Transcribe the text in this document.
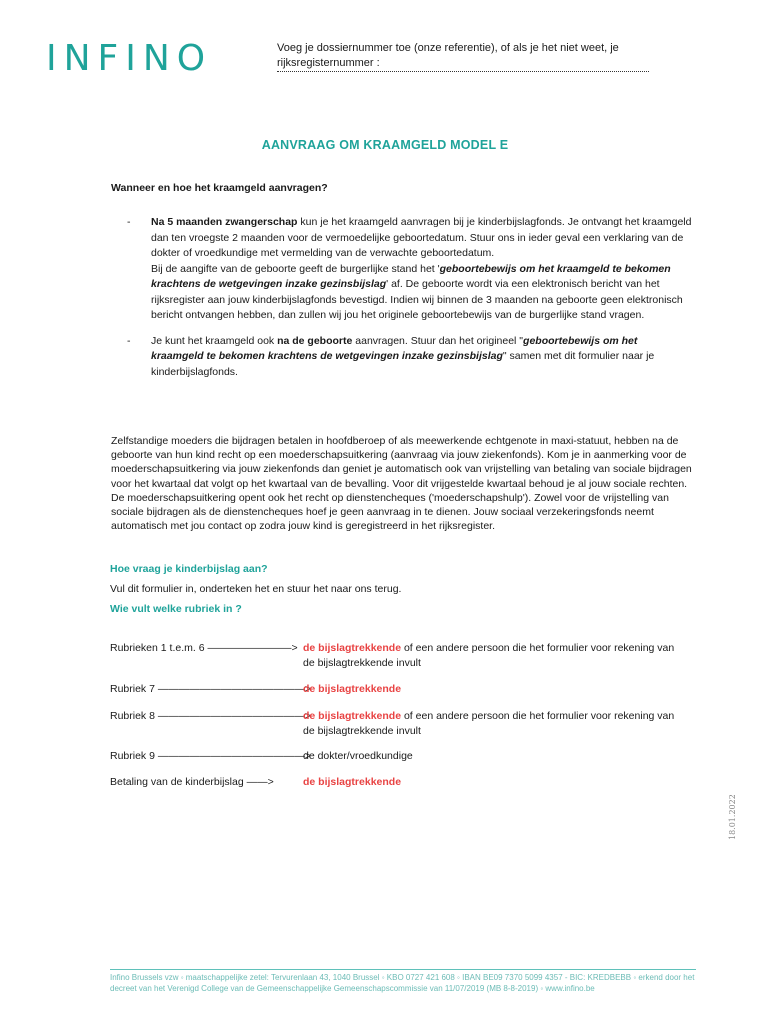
INFINO	Voeg je dossiernummer toe (onze referentie), of als je het niet weet, je rijksregisternummer :
AANVRAAG OM KRAAMGELD MODEL E
Wanneer en hoe het kraamgeld aanvragen?
- Na 5 maanden zwangerschap kun je het kraamgeld aanvragen bij je kinderbijslagfonds. Je ontvangt het kraamgeld dan ten vroegste 2 maanden voor de vermoedelijke geboortedatum. Stuur ons in ieder geval een verklaring van de dokter of vroedkundige met vermelding van de verwachte geboortedatum.
Bij de aangifte van de geboorte geeft de burgerlijke stand het 'geboortebewijs om het kraamgeld te bekomen krachtens de wetgevingen inzake gezinsbijslag' af. De geboorte wordt via een elektronisch bericht van het rijksregister aan jouw kinderbijslagfonds bevestigd. Indien wij binnen de 3 maanden na geboorte geen elektronisch bericht ontvangen hebben, dan zullen wij jou het originele geboortebewijs van de burgerlijke stand vragen.
- Je kunt het kraamgeld ook na de geboorte aanvragen. Stuur dan het origineel "geboortebewijs om het kraamgeld te bekomen krachtens de wetgevingen inzake gezinsbijslag" samen met dit formulier naar je kinderbijslagfonds.
Zelfstandige moeders die bijdragen betalen in hoofdberoep of als meewerkende echtgenote in maxi-statuut, hebben na de geboorte van hun kind recht op een moederschapsuitkering (aanvraag via jouw ziekenfonds). Kom je in aanmerking voor de moederschapsuitkering via jouw ziekenfonds dan geniet je automatisch ook van vrijstelling van betaling van sociale bijdragen voor het kwartaal dat volgt op het kwartaal van de bevalling. Voor dit vrijgestelde kwartaal behoud je al jouw sociale rechten. De moederschapsuitkering opent ook het recht op dienstencheques ('moederschapshulp'). Zowel voor de vrijstelling van sociale bijdragen als de dienstencheques hoef je geen aanvraag in te dienen. Jouw sociaal verzekeringsfonds neemt automatisch met jou contact op zodra jouw kind is geregistreerd in het rijksregister.
Hoe vraag je kinderbijslag aan?
Vul dit formulier in, onderteken het en stuur het naar ons terug.
Wie vult welke rubriek in ?
Rubrieken 1 t.e.m. 6 ————————> de bijslagtrekkende of een andere persoon die het formulier voor rekening van de bijslagtrekkende invult
Rubriek 7 ——————————————>
de bijslagtrekkende
Rubriek 8 ——————————————>
de bijslagtrekkende of een andere persoon die het formulier voor rekening van de bijslagtrekkende invult
Rubriek 9 ——————————————>
de dokter/vroedkundige
Betaling van de kinderbijslag ——>	de bijslagtrekkende
18.01.2022
Infino Brussels vzw ◦ maatschappelijke zetel: Tervurenlaan 43, 1040 Brussel ◦ KBO 0727 421 608 ◦ IBAN BE09 7370 5099 4357 - BIC: KREDBEBB ◦ erkend door het decreet van het Verenigd College van de Gemeenschappelijke Gemeenschapscommissie van 11/07/2019 (MB 8-8-2019) ◦ www.infino.be
